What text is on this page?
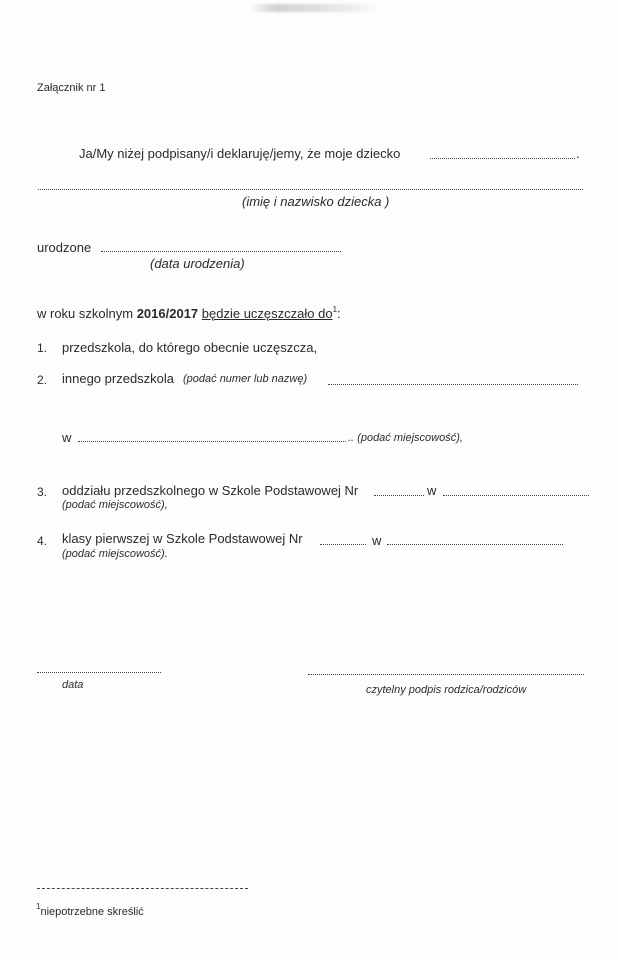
Załącznik nr 1
Ja/My niżej podpisany/i deklaruję/jemy, że moje dziecko	.
(imię i nazwisko dziecka )
urodzone
(data urodzenia)
w roku szkolnym 2016/2017 będzie uczęszczało $do^1$:
1. przedszkola, do którego obecnie uczęszcza,
2. innego przedszkola (podać numer lub nazwę)
w	.. (podać miejscowość),
3. oddziału przedszkolnego w Szkole Podstawowej Nr	w
(podać miejscowość),
4. klasy pierwszej w Szkole Podstawowej Nr	w
(podać miejscowość).
data	czytelny podpis rodzica/rodziców
$^1$niepotrzebne skreślić
